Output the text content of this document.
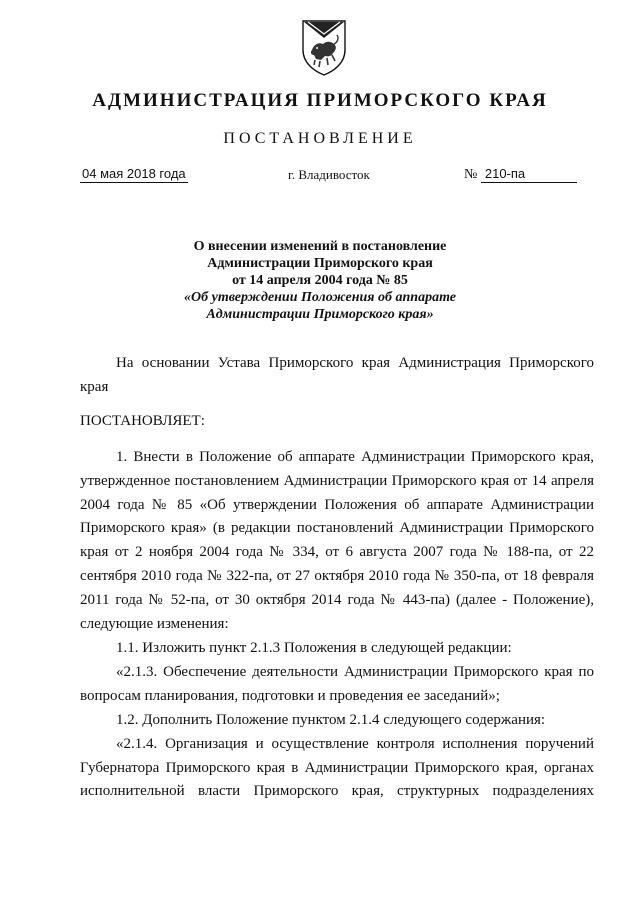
АДМИНИСТРАЦИЯ ПРИМОРСКОГО КРАЯ
ПОСТАНОВЛЕНИЕ
04 мая 2018 года	г. Владивосток	№ 210-па
О внесении изменений в постановление
Администрации Приморского края
от 14 апреля 2004 года № 85
«Об утверждении Положения об аппарате
Администрации Приморского края»

На основании Устава Приморского края Администрация Приморского края

ПОСТАНОВЛЯЕТ:

1. Внести в Положение об аппарате Администрации Приморского края, утвержденное постановлением Администрации Приморского края от 14 апреля 2004 года № 85 «Об утверждении Положения об аппарате Администрации Приморского края» (в редакции постановлений Администрации Приморского края от 2 ноября 2004 года № 334, от 6 августа 2007 года № 188-па, от 22 сентября 2010 года № 322-па, от 27 октября 2010 года № 350-па, от 18 февраля 2011 года № 52-па, от 30 октября 2014 года № 443-па) (далее - Положение), следующие изменения:

1.1. Изложить пункт 2.1.3 Положения в следующей редакции:

«2.1.3. Обеспечение деятельности Администрации Приморского края по вопросам планирования, подготовки и проведения ее заседаний»;

1.2. Дополнить Положение пунктом 2.1.4 следующего содержания:

«2.1.4. Организация и осуществление контроля исполнения поручений Губернатора Приморского края в Администрации Приморского края, органах исполнительной власти Приморского края, структурных подразделениях
